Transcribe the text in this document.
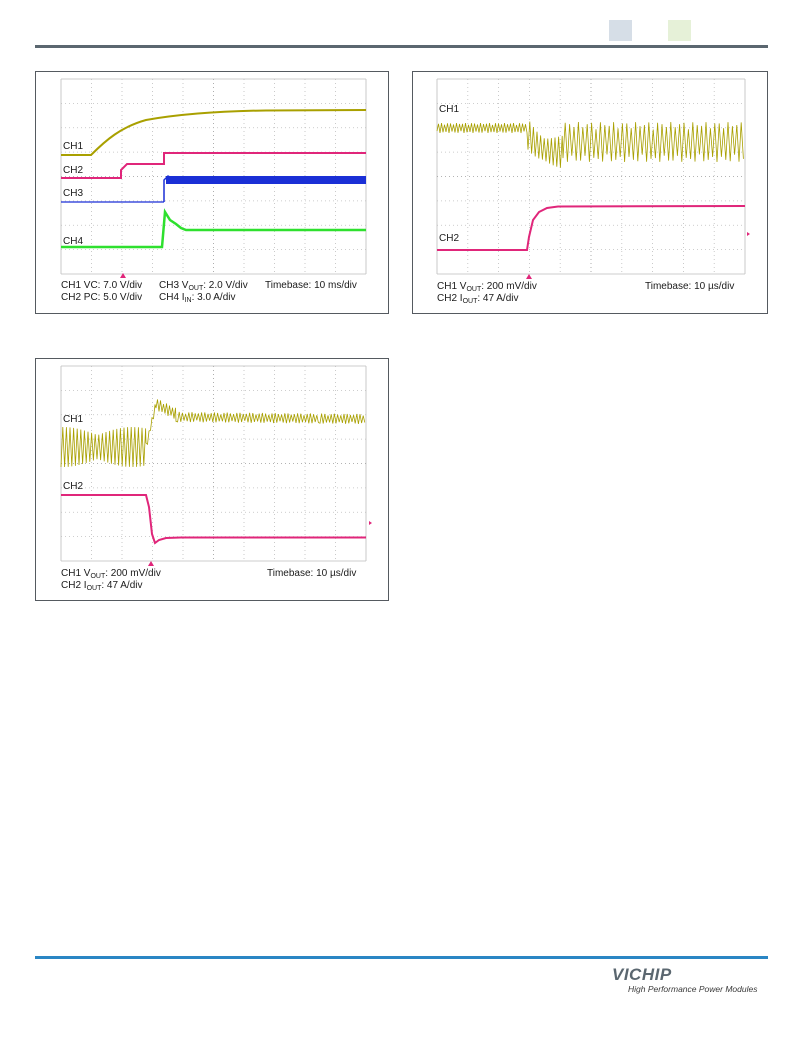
CH1
CH2
CH3
CH4
CH1 VC: 7.0 V/div
CH2 PC: 5.0 V/div
CH3 $V_{OUT}$: 2.0 V/div
CH4 $I_{IN}$: 3.0 A/div
Timebase: 10 ms/div
CH1
CH2
CH1 $V_{OUT}$: 200 mV/div
CH2 $I_{OUT}$: 47 A/div
Timebase: 10 µs/div
CH1
CH2
CH1 $V_{OUT}$: 200 mV/div
CH2 $I_{OUT}$: 47 A/div
Timebase: 10 µs/div
VICHIP
High Performance Power Modules
